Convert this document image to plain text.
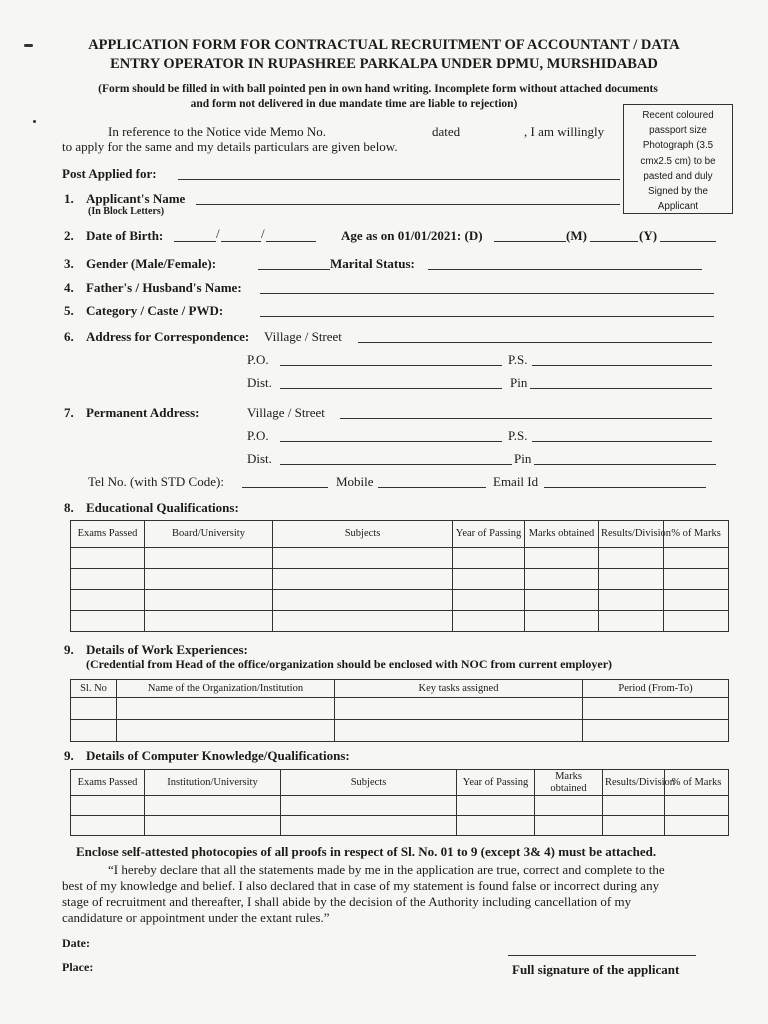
APPLICATION FORM FOR CONTRACTUAL RECRUITMENT OF ACCOUNTANT / DATA
ENTRY OPERATOR IN RUPASHREE PARKALPA UNDER DPMU, MURSHIDABAD
(Form should be filled in with ball pointed pen in own hand writing. Incomplete form without attached documents
and form not delivered in due mandate time are liable to rejection)
Recent coloured
passport size
Photograph (3.5
cmx2.5 cm) to be
pasted and duly
Signed by the
Applicant
In reference to the Notice vide Memo No.	dated	, I am willingly
to apply for the same and my details particulars are given below.
Post Applied for:
1. Applicant's Name
(In Block Letters)
2. Date of Birth:	/	/	Age as on 01/01/2021: (D)	(M)	(Y)
3. Gender (Male/Female):	Marital Status:
4. Father's / Husband's Name:
5. Category / Caste / PWD:
6. Address for Correspondence: Village / Street
P.O.	P.S.
Dist.	Pin
7. Permanent Address:	Village / Street
P.O.	P.S.
Dist.	Pin
Tel No. (with STD Code):	Mobile	Email Id
8. Educational Qualifications:
Exams Passed	Board/University	Subjects	Year of Passing	Marks obtained	Results/Division	% of Marks

9. Details of Work Experiences:
(Credential from Head of the office/organization should be enclosed with NOC from current employer)
Sl. No	Name of the Organization/Institution	Key tasks assigned	Period (From-To)

9. Details of Computer Knowledge/Qualifications:
Exams Passed	Institution/University	Subjects	Year of Passing	Marks obtained	Results/Division	% of Marks

Enclose self-attested photocopies of all proofs in respect of Sl. No. 01 to 9 (except 3& 4) must be attached.
“I hereby declare that all the statements made by me in the application are true, correct and complete to the
best of my knowledge and belief. I also declared that in case of my statement is found false or incorrect during any
stage of recruitment and thereafter, I shall abide by the decision of the Authority including cancellation of my
candidature or appointment under the extant rules.”
Date:
Place:	Full signature of the applicant
